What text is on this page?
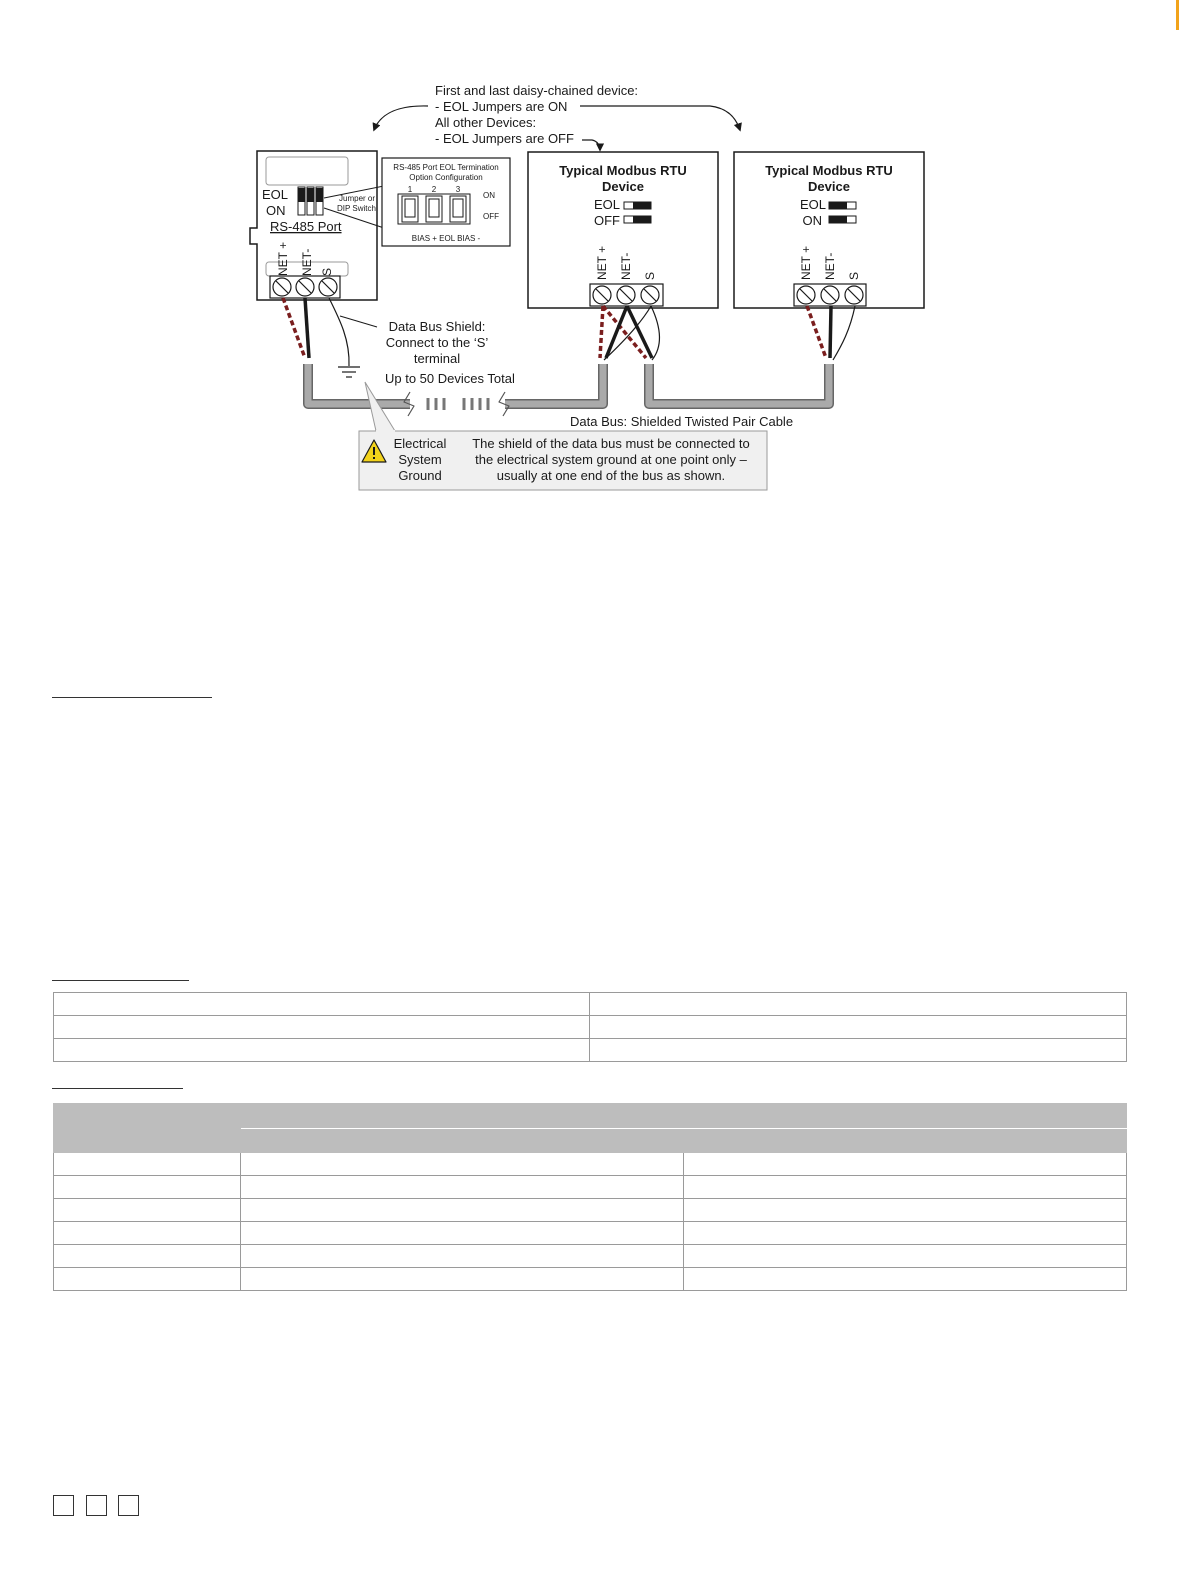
First and last daisy-chained device:
- EOL Jumpers are ON
All other Devices:
- EOL Jumpers are OFF
EOL
ON
Jumper or
DIP Switch
RS-485 Port
NET + NET- S
RS-485 Port EOL Termination
Option Configuration
1 2 3
ON
OFF
BIAS + EOL BIAS -
Typical Modbus RTU
Device
EOL
OFF
NET + NET- S
Typical Modbus RTU
Device
EOL
ON
NET + NET- S
Data Bus Shield:
Connect to the ‘S’
terminal
Up to 50 Devices Total
Data Bus: Shielded Twisted Pair Cable
Electrical
System
Ground
The shield of the data bus must be connected to
the electrical system ground at one point only –
usually at one end of the bus as shown.
